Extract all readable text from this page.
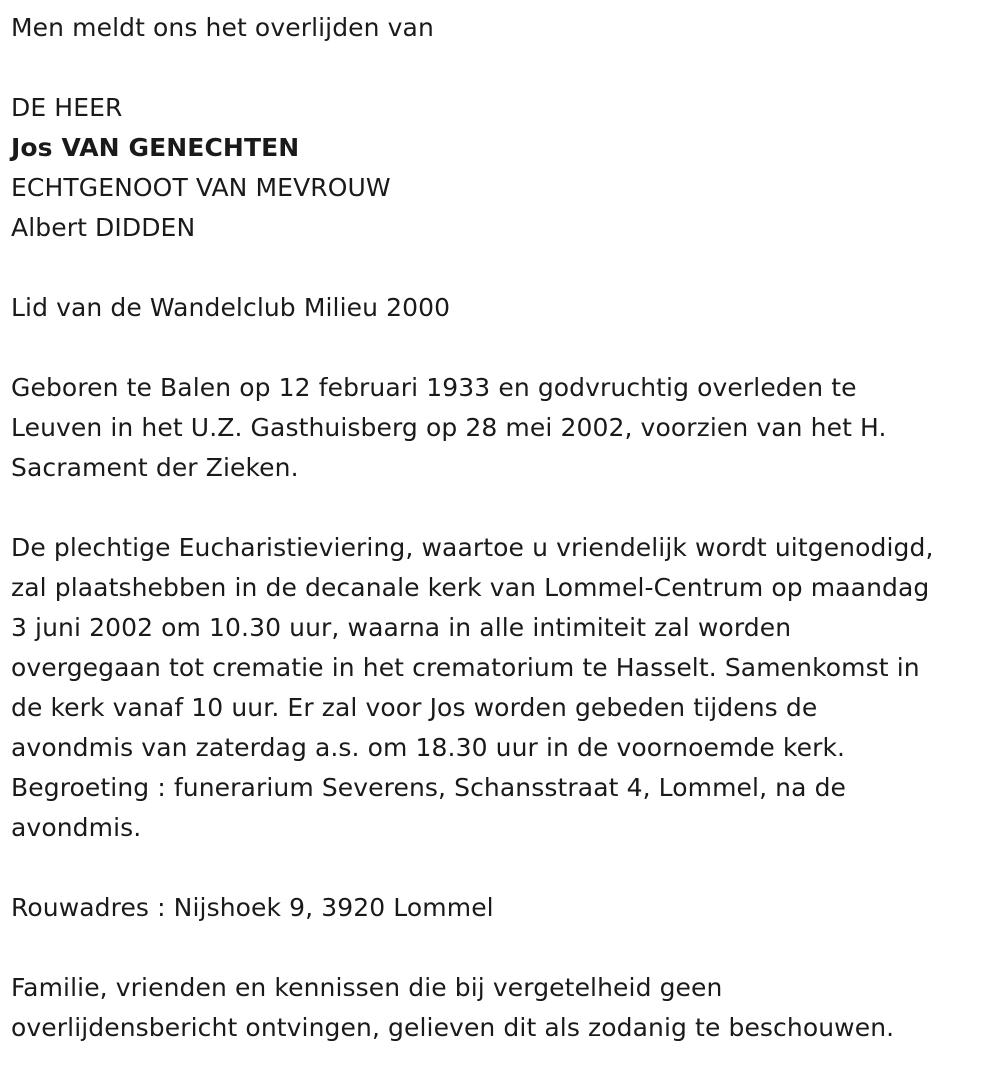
Men meldt ons het overlijden van
DE HEER
Jos VAN GENECHTEN
ECHTGENOOT VAN MEVROUW
Albert DIDDEN
Lid van de Wandelclub Milieu 2000
Geboren te Balen op 12 februari 1933 en godvruchtig overleden te
Leuven in het U.Z. Gasthuisberg op 28 mei 2002, voorzien van het H.
Sacrament der Zieken.
De plechtige Eucharistieviering, waartoe u vriendelijk wordt uitgenodigd,
zal plaatshebben in de decanale kerk van Lommel-Centrum op maandag
3 juni 2002 om 10.30 uur, waarna in alle intimiteit zal worden
overgegaan tot crematie in het crematorium te Hasselt. Samenkomst in
de kerk vanaf 10 uur. Er zal voor Jos worden gebeden tijdens de
avondmis van zaterdag a.s. om 18.30 uur in de voornoemde kerk.
Begroeting : funerarium Severens, Schansstraat 4, Lommel, na de
avondmis.
Rouwadres : Nijshoek 9, 3920 Lommel
Familie, vrienden en kennissen die bij vergetelheid geen
overlijdensbericht ontvingen, gelieven dit als zodanig te beschouwen.
